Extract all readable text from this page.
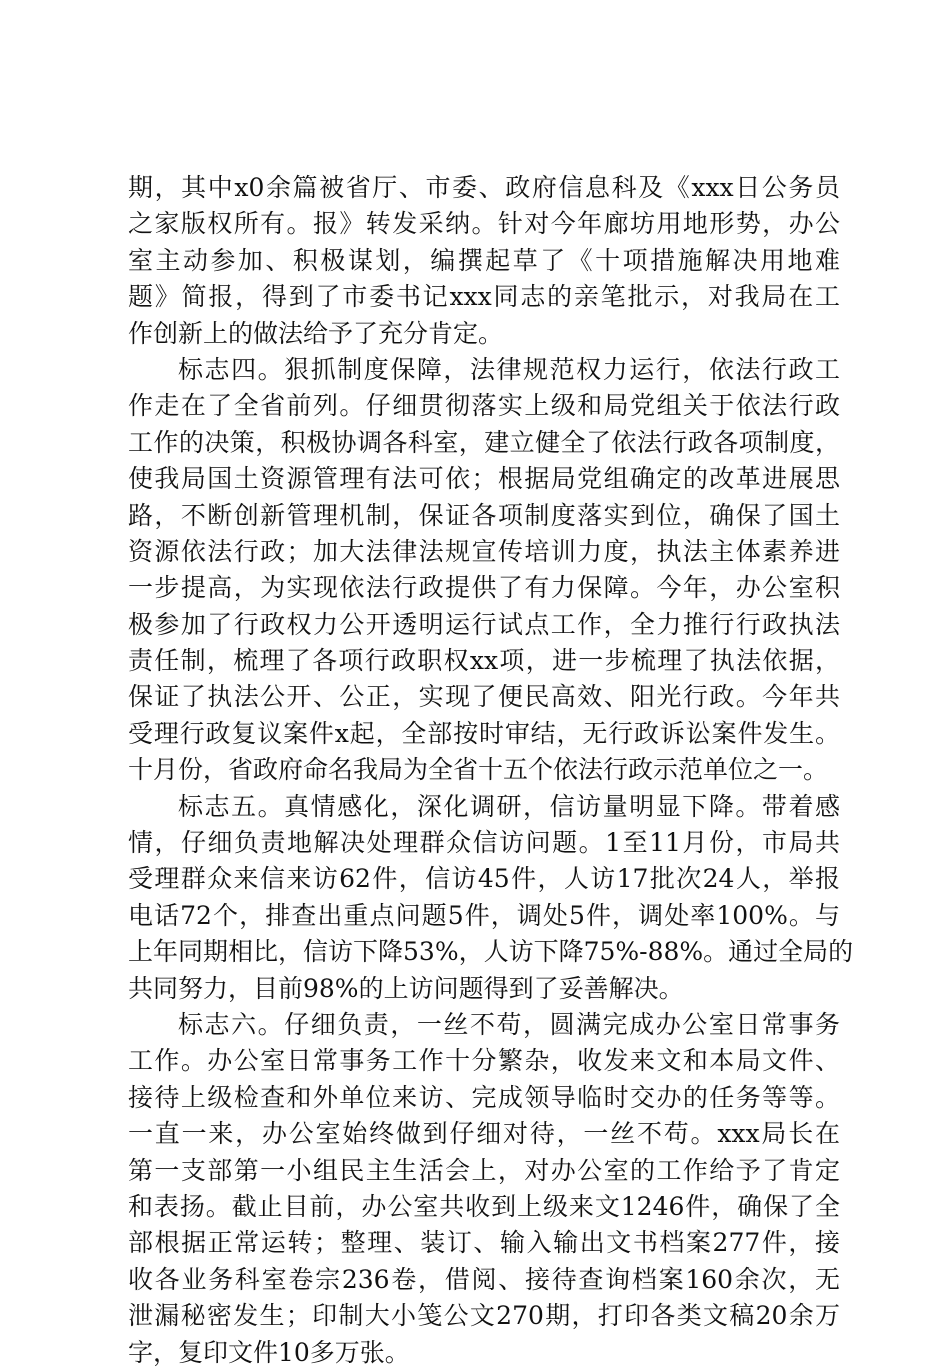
期，其中x0余篇被省厅、市委、政府信息科及《xxx日公务员
之家版权所有。报》转发采纳。针对今年廊坊用地形势，办公
室主动参加、积极谋划，编撰起草了《十项措施解决用地难
题》简报，得到了市委书记xxx同志的亲笔批示，对我局在工
作创新上的做法给予了充分肯定。
标志四。狠抓制度保障，法律规范权力运行，依法行政工
作走在了全省前列。仔细贯彻落实上级和局党组关于依法行政
工作的决策，积极协调各科室，建立健全了依法行政各项制度，
使我局国土资源管理有法可依；根据局党组确定的改革进展思
路，不断创新管理机制，保证各项制度落实到位，确保了国土
资源依法行政；加大法律法规宣传培训力度，执法主体素养进
一步提高，为实现依法行政提供了有力保障。今年，办公室积
极参加了行政权力公开透明运行试点工作，全力推行行政执法
责任制，梳理了各项行政职权xx项，进一步梳理了执法依据，
保证了执法公开、公正，实现了便民高效、阳光行政。今年共
受理行政复议案件x起，全部按时审结，无行政诉讼案件发生。
十月份，省政府命名我局为全省十五个依法行政示范单位之一。
标志五。真情感化，深化调研，信访量明显下降。带着感
情，仔细负责地解决处理群众信访问题。1至11月份，市局共
受理群众来信来访62件，信访45件，人访17批次24人，举报
电话72个，排查出重点问题5件，调处5件，调处率100%。与
上年同期相比，信访下降53%，人访下降75%-88%。通过全局的
共同努力，目前98%的上访问题得到了妥善解决。
标志六。仔细负责，一丝不苟，圆满完成办公室日常事务
工作。办公室日常事务工作十分繁杂，收发来文和本局文件、
接待上级检查和外单位来访、完成领导临时交办的任务等等。
一直一来，办公室始终做到仔细对待，一丝不苟。xxx局长在
第一支部第一小组民主生活会上，对办公室的工作给予了肯定
和表扬。截止目前，办公室共收到上级来文1246件，确保了全
部根据正常运转；整理、装订、输入输出文书档案277件，接
收各业务科室卷宗236卷，借阅、接待查询档案160余次，无
泄漏秘密发生；印制大小笺公文270期，打印各类文稿20余万
字，复印文件10多万张。
